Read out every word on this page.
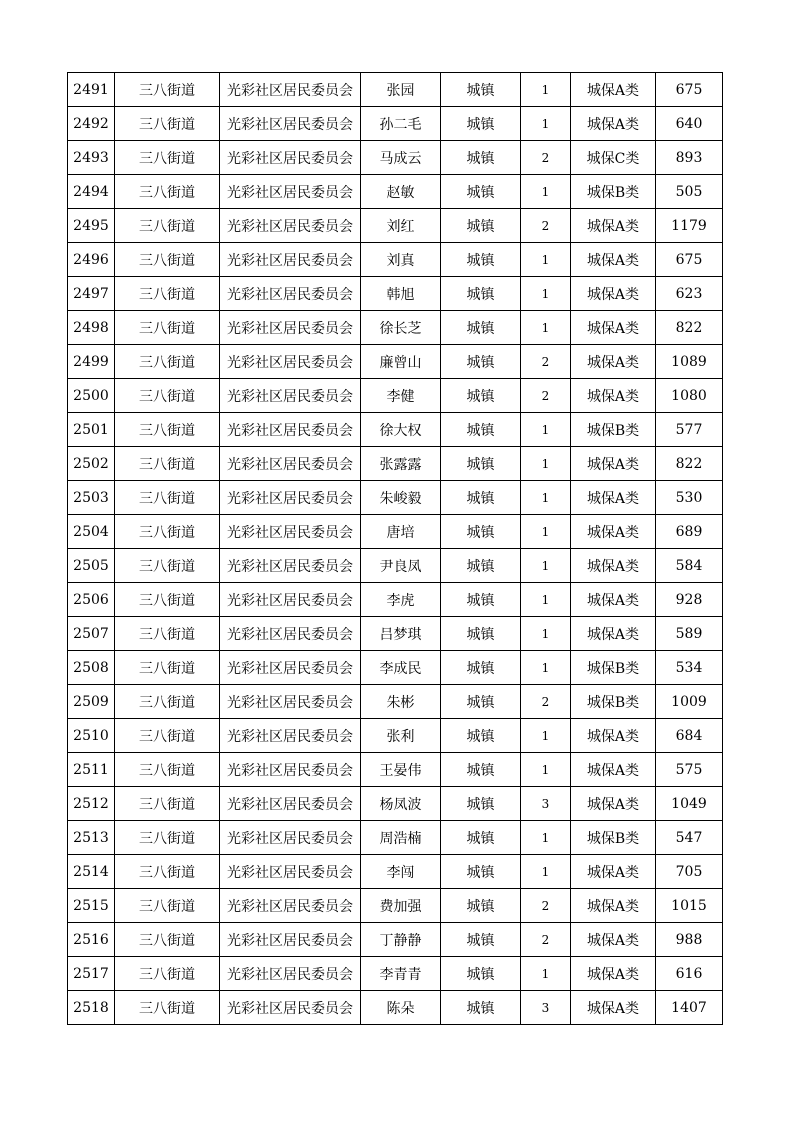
2491	三八街道	光彩社区居民委员会	张园	城镇	1	城保A类	675
2492	三八街道	光彩社区居民委员会	孙二毛	城镇	1	城保A类	640
2493	三八街道	光彩社区居民委员会	马成云	城镇	2	城保C类	893
2494	三八街道	光彩社区居民委员会	赵敏	城镇	1	城保B类	505
2495	三八街道	光彩社区居民委员会	刘红	城镇	2	城保A类	1179
2496	三八街道	光彩社区居民委员会	刘真	城镇	1	城保A类	675
2497	三八街道	光彩社区居民委员会	韩旭	城镇	1	城保A类	623
2498	三八街道	光彩社区居民委员会	徐长芝	城镇	1	城保A类	822
2499	三八街道	光彩社区居民委员会	廉曾山	城镇	2	城保A类	1089
2500	三八街道	光彩社区居民委员会	李健	城镇	2	城保A类	1080
2501	三八街道	光彩社区居民委员会	徐大权	城镇	1	城保B类	577
2502	三八街道	光彩社区居民委员会	张露露	城镇	1	城保A类	822
2503	三八街道	光彩社区居民委员会	朱峻毅	城镇	1	城保A类	530
2504	三八街道	光彩社区居民委员会	唐培	城镇	1	城保A类	689
2505	三八街道	光彩社区居民委员会	尹良凤	城镇	1	城保A类	584
2506	三八街道	光彩社区居民委员会	李虎	城镇	1	城保A类	928
2507	三八街道	光彩社区居民委员会	吕梦琪	城镇	1	城保A类	589
2508	三八街道	光彩社区居民委员会	李成民	城镇	1	城保B类	534
2509	三八街道	光彩社区居民委员会	朱彬	城镇	2	城保B类	1009
2510	三八街道	光彩社区居民委员会	张利	城镇	1	城保A类	684
2511	三八街道	光彩社区居民委员会	王晏伟	城镇	1	城保A类	575
2512	三八街道	光彩社区居民委员会	杨凤波	城镇	3	城保A类	1049
2513	三八街道	光彩社区居民委员会	周浩楠	城镇	1	城保B类	547
2514	三八街道	光彩社区居民委员会	李闯	城镇	1	城保A类	705
2515	三八街道	光彩社区居民委员会	费加强	城镇	2	城保A类	1015
2516	三八街道	光彩社区居民委员会	丁静静	城镇	2	城保A类	988
2517	三八街道	光彩社区居民委员会	李青青	城镇	1	城保A类	616
2518	三八街道	光彩社区居民委员会	陈朵	城镇	3	城保A类	1407
